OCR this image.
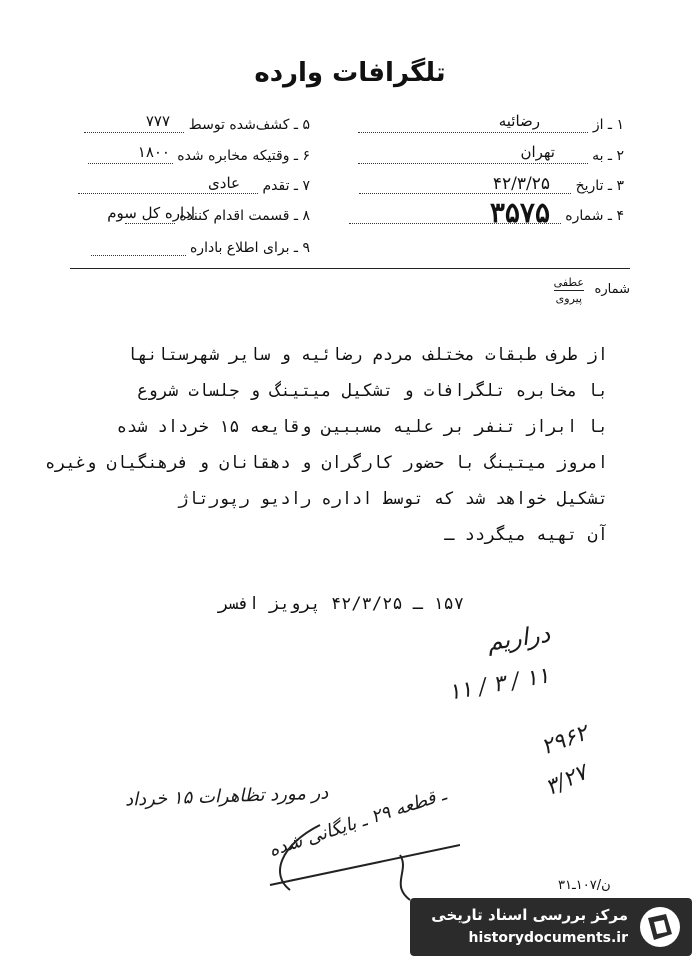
تلگرافات وارده
۱ ـ از
رضائیه
۲ ـ به
تهران
۳ ـ تاریخ
۴۲/۳/۲۵
۴ ـ شماره
۳۵۷۵
۵ ـ کشف‌شده توسط
۷۷۷
۶ ـ وقتیکه مخابره شده
۱۸۰۰
۷ ـ تقدم
عادی
۸ ـ قسمت اقدام کننده
اداره کل سوم
۹ ـ برای اطلاع باداره
شماره
عطفی
پیروی
از طرف طبقات مختلف مردم رضائیه و سایر شهرستانها
با مخابره تلگرافات و تشکیل میتینگ و جلسات شروع
با ابراز تنفر بر علیه مسببین وقایعه ۱۵ خرداد شده
امروز میتینگ با حضور کارگران و دهقانان و فرهنگیان وغیره
تشکیل خواهد شد که توسط اداره رادیو رپورتاژ
آن تهیه میگردد ـ
۱۵۷ ـ ۴۲/۳/۲۵ پرویز افسر
دراریم
۱۱ / ۳ / ۱۱
۲۹۶۲
۳/۲۷
در مورد تظاهرات ۱۵ خرداد
ـ قطعه ۲۹ ـ بایگانی شده
ن/۱۰۷ـ۳۱
مرکز بررسی اسناد تاریخی
historydocuments.ir
